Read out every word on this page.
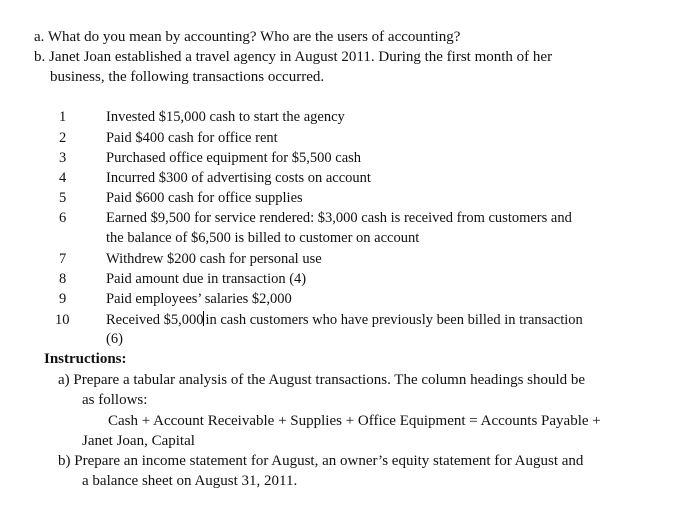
a. What do you mean by accounting? Who are the users of accounting?
b. Janet Joan established a travel agency in August 2011. During the first month of her
business, the following transactions occurred.
1	Invested $15,000 cash to start the agency
2	Paid $400 cash for office rent
3	Purchased office equipment for $5,500 cash
4	Incurred $300 of advertising costs on account
5	Paid $600 cash for office supplies
6	Earned $9,500 for service rendered: $3,000 cash is received from customers and
the balance of $6,500 is billed to customer on account
7	Withdrew $200 cash for personal use
8	Paid amount due in transaction (4)
9	Paid employees’ salaries $2,000
10	Received $5,000 in cash customers who have previously been billed in transaction
(6)
Instructions:
a) Prepare a tabular analysis of the August transactions. The column headings should be
as follows:
Cash + Account Receivable + Supplies + Office Equipment = Accounts Payable +
Janet Joan, Capital
b) Prepare an income statement for August, an owner’s equity statement for August and
a balance sheet on August 31, 2011.
